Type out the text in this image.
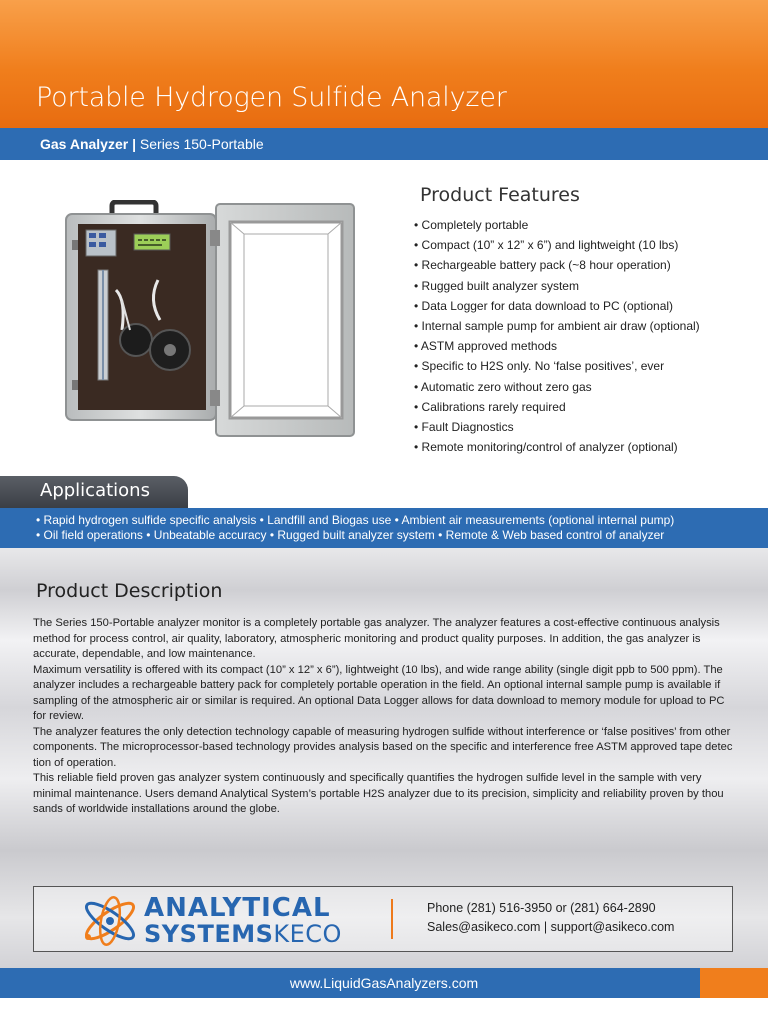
Portable Hydrogen Sulfide Analyzer
Gas Analyzer | Series 150-Portable
Product Features
• Completely portable
• Compact (10” x 12” x 6”) and lightweight (10 lbs)
• Rechargeable battery pack (~8 hour operation)
• Rugged built analyzer system
• Data Logger for data download to PC (optional)
• Internal sample pump for ambient air draw (optional)
• ASTM approved methods
• Specific to H2S only. No ‘false positives’, ever
• Automatic zero without zero gas
• Calibrations rarely required
• Fault Diagnostics
• Remote monitoring/control of analyzer (optional)
Applications
• Rapid hydrogen sulfide specific analysis • Landfill and Biogas use • Ambient air measurements (optional internal pump)
• Oil field operations • Unbeatable accuracy • Rugged built analyzer system • Remote & Web based control of analyzer
Product Description

The Series 150-Portable analyzer monitor is a completely portable gas analyzer. The analyzer features a cost-effective continuous analysis method for process control, air quality, laboratory, atmospheric monitoring and product quality purposes. In addition, the gas analyzer is accurate, dependable, and low maintenance.

Maximum versatility is offered with its compact (10” x 12” x 6”), lightweight (10 lbs), and wide range ability (single digit ppb to 500 ppm). The analyzer includes a rechargeable battery pack for completely portable operation in the field. An optional internal sample pump is available if sampling of the atmospheric air or similar is required. An optional Data Logger allows for data download to memory module for upload to PC for review.

The analyzer features the only detection technology capable of measuring hydrogen sulfide without interference or ‘false positives’ from other components. The microprocessor-based technology provides analysis based on the specific and interference free ASTM approved tape detec tion of operation.

This reliable field proven gas analyzer system continuously and specifically quantifies the hydrogen sulfide level in the sample with very minimal maintenance. Users demand Analytical System’s portable H2S analyzer due to its precision, simplicity and reliability proven by thou sands of worldwide installations around the globe.

ANALYTICAL
SYSTEMSKECO
Phone (281) 516-3950 or (281) 664-2890
Sales@asikeco.com | support@asikeco.com
www.LiquidGasAnalyzers.com
